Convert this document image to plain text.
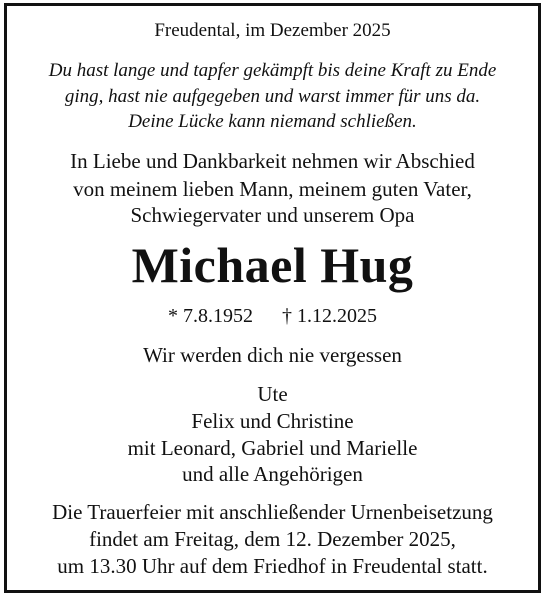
Freudental, im Dezember 2025
Du hast lange und tapfer gekämpft bis deine Kraft zu Ende
ging, hast nie aufgegeben und warst immer für uns da.
Deine Lücke kann niemand schließen.
In Liebe und Dankbarkeit nehmen wir Abschied
von meinem lieben Mann, meinem guten Vater,
Schwiegervater und unserem Opa
Michael Hug
* 7.8.1952 † 1.12.2025
Wir werden dich nie vergessen
Ute
Felix und Christine
mit Leonard, Gabriel und Marielle
und alle Angehörigen
Die Trauerfeier mit anschließender Urnenbeisetzung
findet am Freitag, dem 12. Dezember 2025,
um 13.30 Uhr auf dem Friedhof in Freudental statt.
